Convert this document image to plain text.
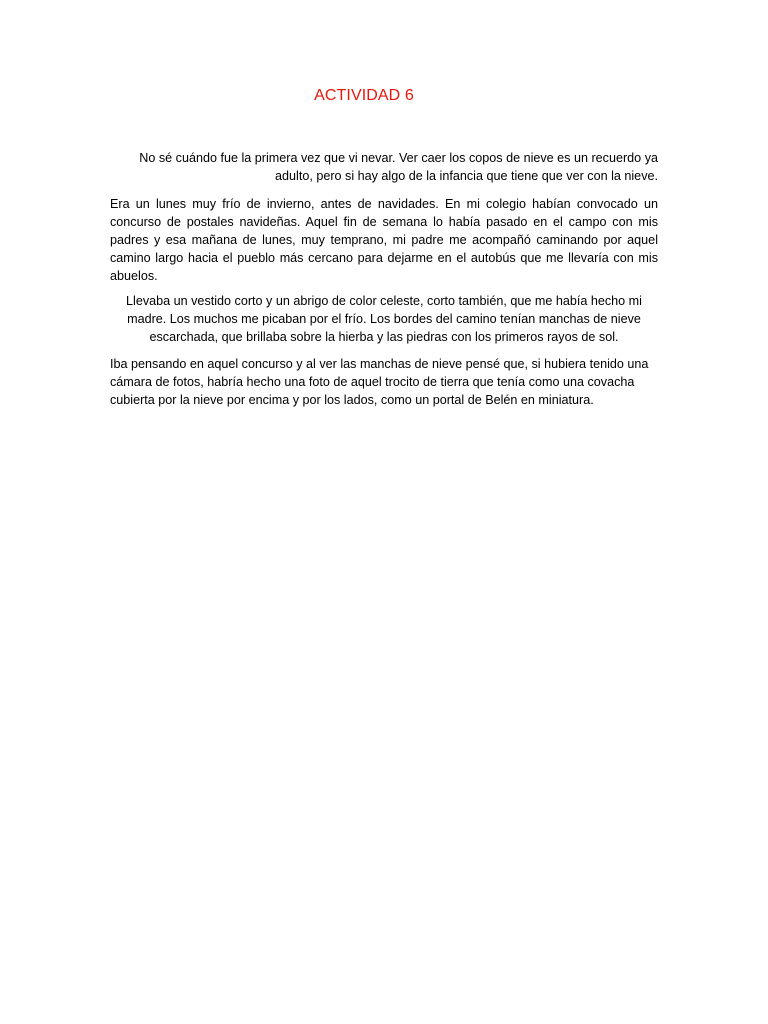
ACTIVIDAD 6

No sé cuándo fue la primera vez que vi nevar. Ver caer los copos de nieve es un recuerdo ya adulto, pero si hay algo de la infancia que tiene que ver con la nieve.

Era un lunes muy frío de invierno, antes de navidades. En mi colegio habían convocado un concurso de postales navideñas. Aquel fin de semana lo había pasado en el campo con mis padres y esa mañana de lunes, muy temprano, mi padre me acompañó caminando por aquel camino largo hacia el pueblo más cercano para dejarme en el autobús que me llevaría con mis abuelos.

Llevaba un vestido corto y un abrigo de color celeste, corto también, que me había hecho mi madre. Los muchos me picaban por el frío. Los bordes del camino tenían manchas de nieve escarchada, que brillaba sobre la hierba y las piedras con los primeros rayos de sol.

Iba pensando en aquel concurso y al ver las manchas de nieve pensé que, si hubiera tenido una cámara de fotos, habría hecho una foto de aquel trocito de tierra que tenía como una covacha cubierta por la nieve por encima y por los lados, como un portal de Belén en miniatura.
